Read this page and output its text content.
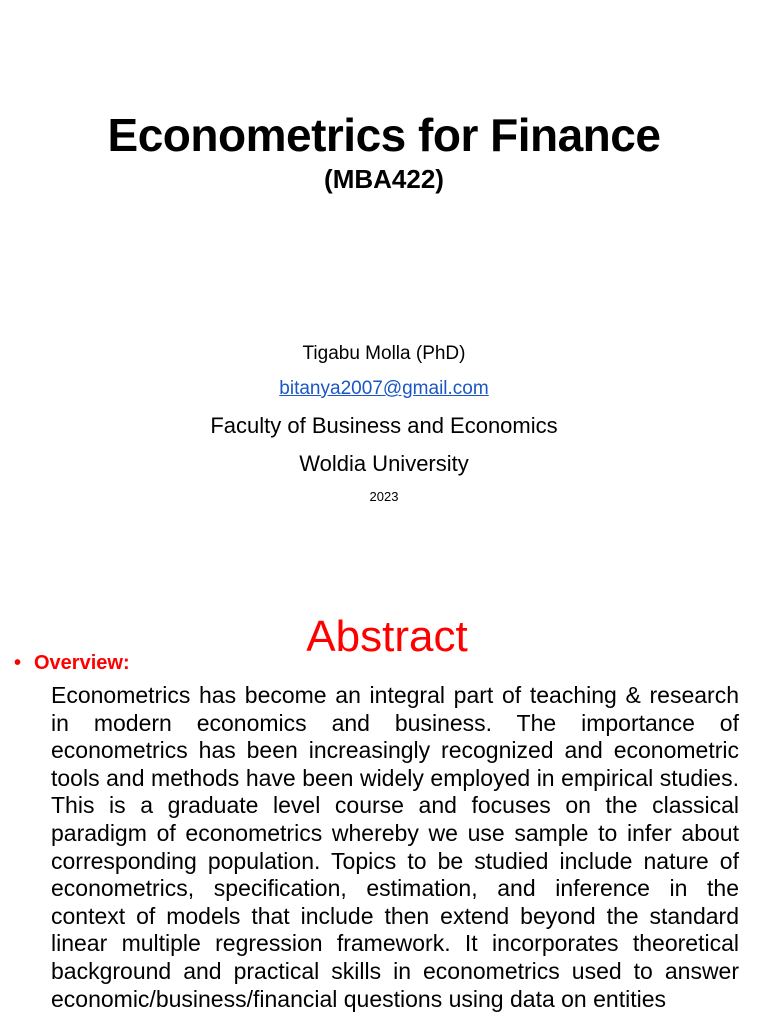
Econometrics for Finance
(MBA422)
Tigabu Molla (PhD)
bitanya2007@gmail.com
Faculty of Business and Economics
Woldia University
2023
Abstract
• Overview:
Econometrics has become an integral part of teaching & research in modern economics and business. The importance of econometrics has been increasingly recognized and econometric tools and methods have been widely employed in empirical studies. This is a graduate level course and focuses on the classical paradigm of econometrics whereby we use sample to infer about corresponding population. Topics to be studied include nature of econometrics, specification, estimation, and inference in the context of models that include then extend beyond the standard linear multiple regression framework. It incorporates theoretical background and practical skills in econometrics used to answer economic/business/financial questions using data on entities
